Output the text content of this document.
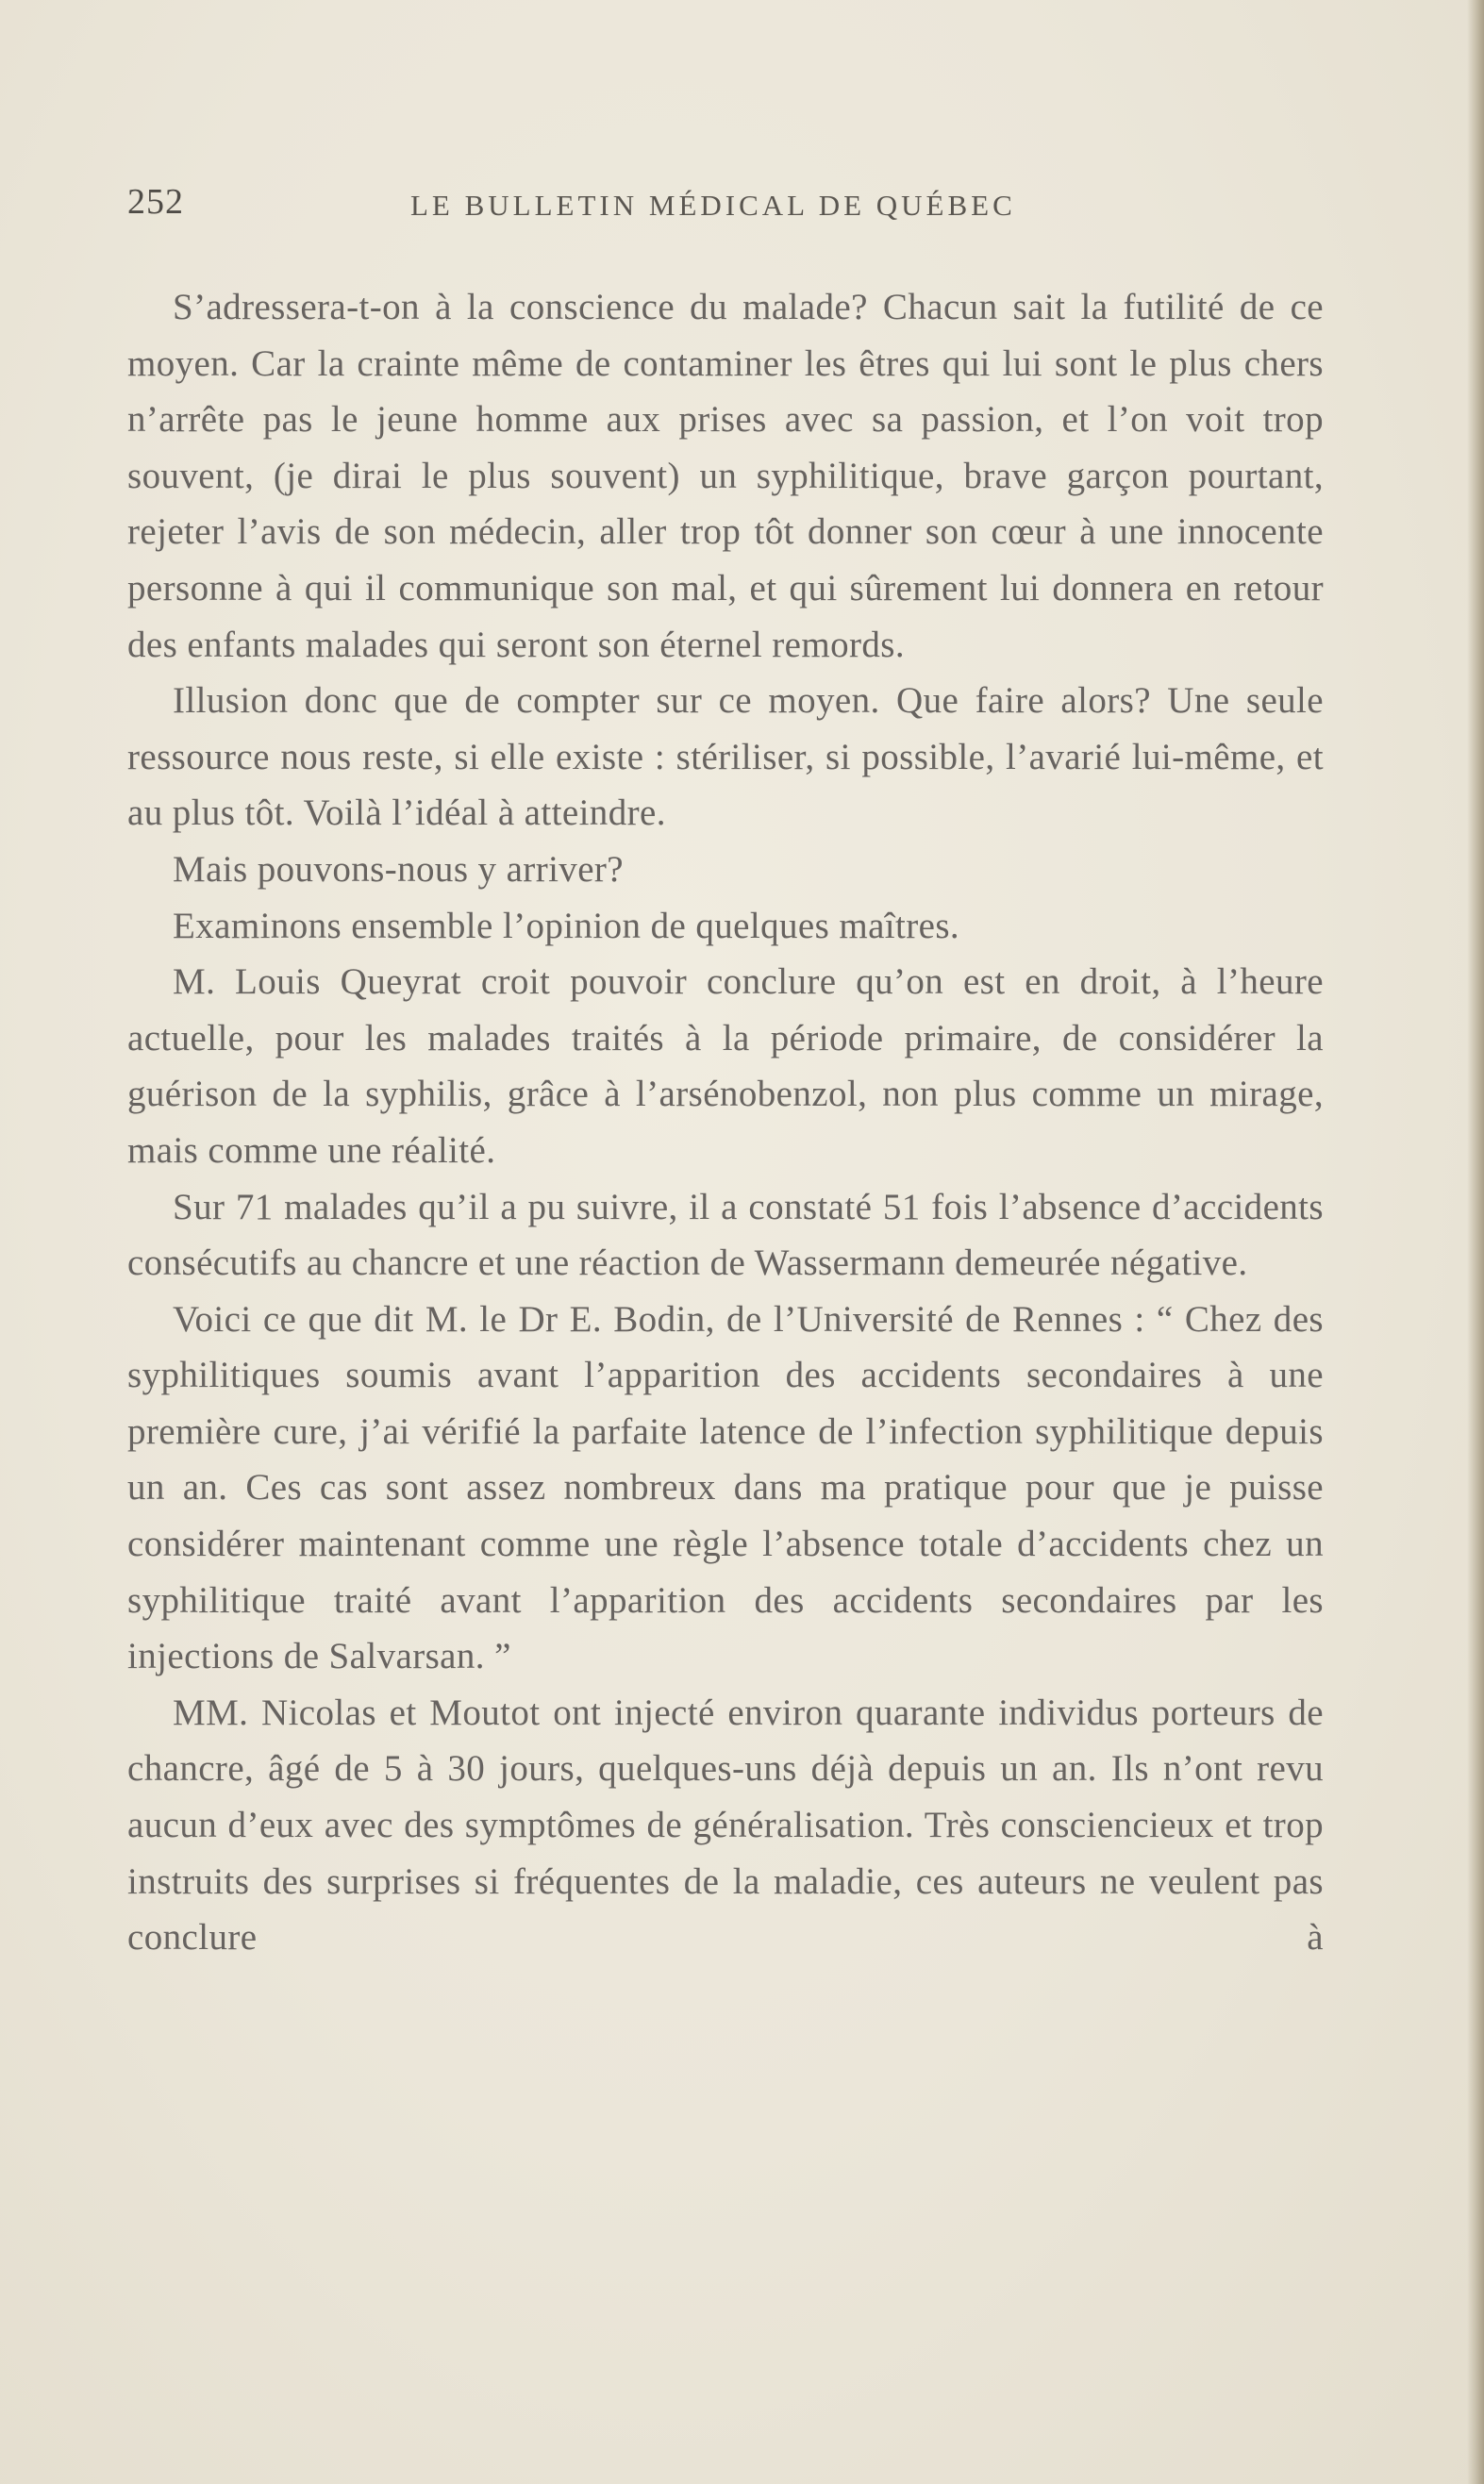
252	LE BULLETIN MÉDICAL DE QUÉBEC

S’adressera-t-on à la conscience du malade? Chacun sait la futilité de ce moyen. Car la crainte même de contaminer les êtres qui lui sont le plus chers n’arrête pas le jeune homme aux prises avec sa passion, et l’on voit trop souvent, (je dirai le plus souvent) un syphilitique, brave garçon pourtant, rejeter l’avis de son médecin, aller trop tôt donner son cœur à une innocente personne à qui il communique son mal, et qui sûrement lui donnera en retour des enfants malades qui seront son éternel remords.

Illusion donc que de compter sur ce moyen. Que faire alors? Une seule ressource nous reste, si elle existe : stériliser, si possible, l’avarié lui-même, et au plus tôt. Voilà l’idéal à atteindre.

Mais pouvons-nous y arriver?

Examinons ensemble l’opinion de quelques maîtres.

M. Louis Queyrat croit pouvoir conclure qu’on est en droit, à l’heure actuelle, pour les malades traités à la période primaire, de considérer la guérison de la syphilis, grâce à l’arsénobenzol, non plus comme un mirage, mais comme une réalité.

Sur 71 malades qu’il a pu suivre, il a constaté 51 fois l’absence d’accidents consécutifs au chancre et une réaction de Wassermann demeurée négative.

Voici ce que dit M. le Dr E. Bodin, de l’Université de Rennes : “ Chez des syphilitiques soumis avant l’apparition des accidents secondaires à une première cure, j’ai vérifié la parfaite latence de l’infection syphilitique depuis un an. Ces cas sont assez nombreux dans ma pratique pour que je puisse considérer maintenant comme une règle l’absence totale d’accidents chez un syphilitique traité avant l’apparition des accidents secondaires par les injections de Salvarsan. ”

MM. Nicolas et Moutot ont injecté environ quarante individus porteurs de chancre, âgé de 5 à 30 jours, quelques-uns déjà depuis un an. Ils n’ont revu aucun d’eux avec des symptômes de généralisation. Très consciencieux et trop instruits des surprises si fréquentes de la maladie, ces auteurs ne veulent pas conclure à
